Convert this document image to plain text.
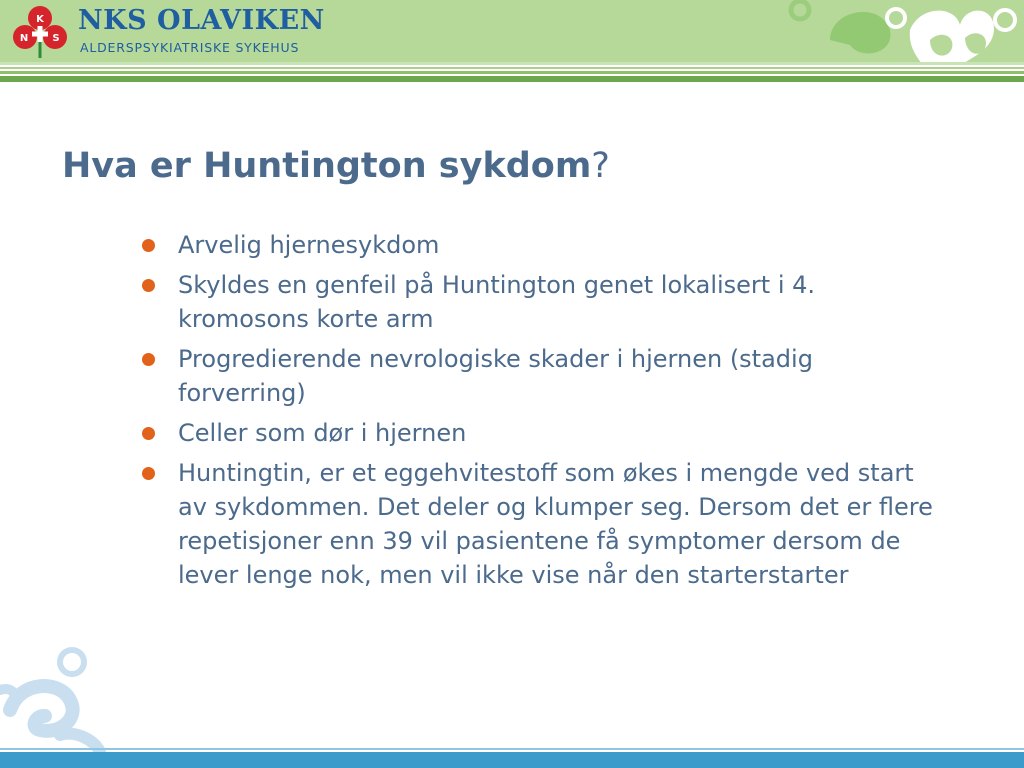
K
N S
NKS OLAVIKEN
ALDERSPSYKIATRISKE SYKEHUS
Hva er Huntington sykdom?
Arvelig hjernesykdom
Skyldes en genfeil på Huntington genet lokalisert i 4. kromosons korte arm
Progredierende nevrologiske skader i hjernen (stadig forverring)
Celler som dør i hjernen
Huntingtin, er et eggehvitestoff som økes i mengde ved start av sykdommen. Det deler og klumper seg. Dersom det er flere repetisjoner enn 39 vil pasientene få symptomer dersom de lever lenge nok, men vil ikke vise når den starterstarter
